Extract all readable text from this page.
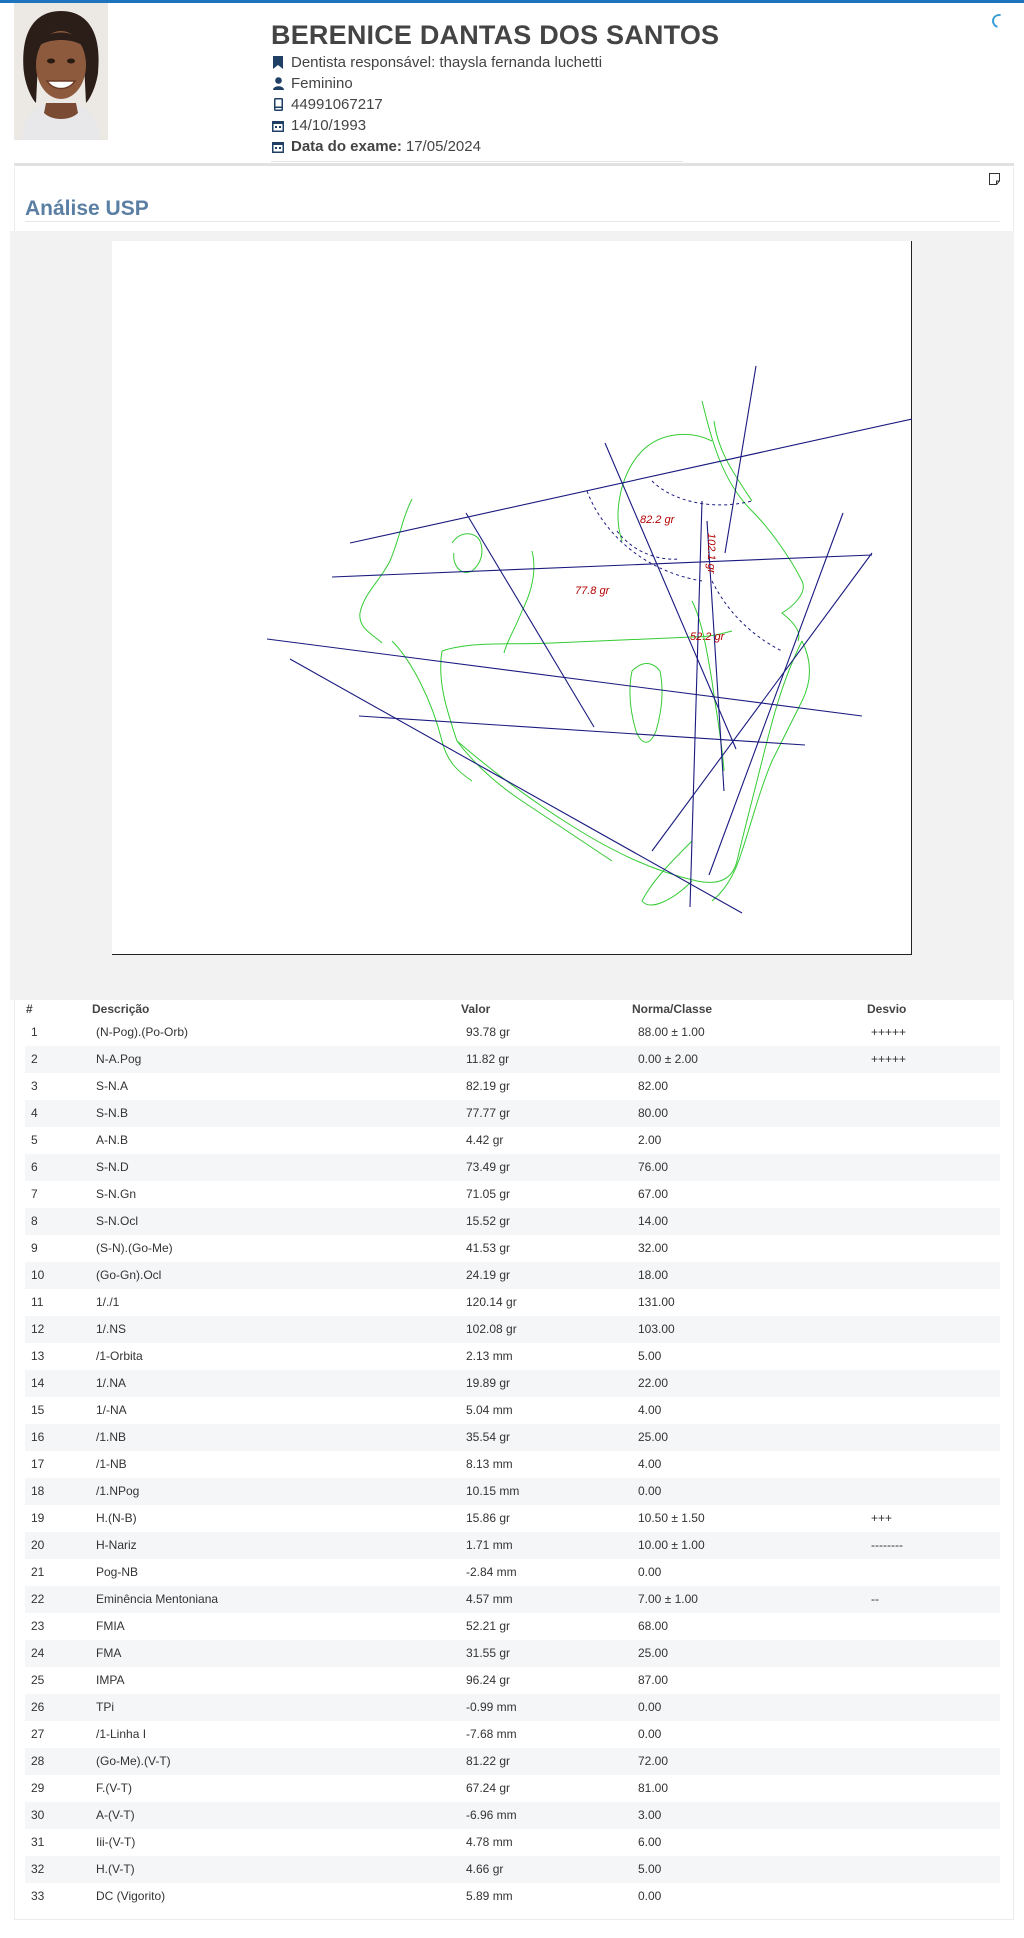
BERENICE DANTAS DOS SANTOS
Dentista responsável:
thaysla fernanda luchetti
Feminino
44991067217
14/10/1993
Data do exame: 17/05/2024
Análise USP
82.2 gr
77.8 gr
102.1 gr
52.2 gr
#	Descrição	Valor	Norma/Classe	Desvio
1	(N-Pog).(Po-Orb)	93.78 gr	88.00 ± 1.00	+++++
2	N-A.Pog	11.82 gr	0.00 ± 2.00	+++++
3	S-N.A	82.19 gr	82.00
4	S-N.B	77.77 gr	80.00
5	A-N.B	4.42 gr	2.00
6	S-N.D	73.49 gr	76.00
7	S-N.Gn	71.05 gr	67.00
8	S-N.Ocl	15.52 gr	14.00
9	(S-N).(Go-Me)	41.53 gr	32.00
10	(Go-Gn).Ocl	24.19 gr	18.00
11	1/./1	120.14 gr	131.00
12	1/.NS	102.08 gr	103.00
13	/1-Orbita	2.13 mm	5.00
14	1/.NA	19.89 gr	22.00
15	1/-NA	5.04 mm	4.00
16	/1.NB	35.54 gr	25.00
17	/1-NB	8.13 mm	4.00
18	/1.NPog	10.15 mm	0.00
19	H.(N-B)	15.86 gr	10.50 ± 1.50	+++
20	H-Nariz	1.71 mm	10.00 ± 1.00	--------
21	Pog-NB	-2.84 mm	0.00
22	Eminência Mentoniana	4.57 mm	7.00 ± 1.00	--
23	FMIA	52.21 gr	68.00
24	FMA	31.55 gr	25.00
25	IMPA	96.24 gr	87.00
26	TPi	-0.99 mm	0.00
27	/1-Linha I	-7.68 mm	0.00
28	(Go-Me).(V-T)	81.22 gr	72.00
29	F.(V-T)	67.24 gr	81.00
30	A-(V-T)	-6.96 mm	3.00
31	Iii-(V-T)	4.78 mm	6.00
32	H.(V-T)	4.66 gr	5.00
33	DC (Vigorito)	5.89 mm	0.00
